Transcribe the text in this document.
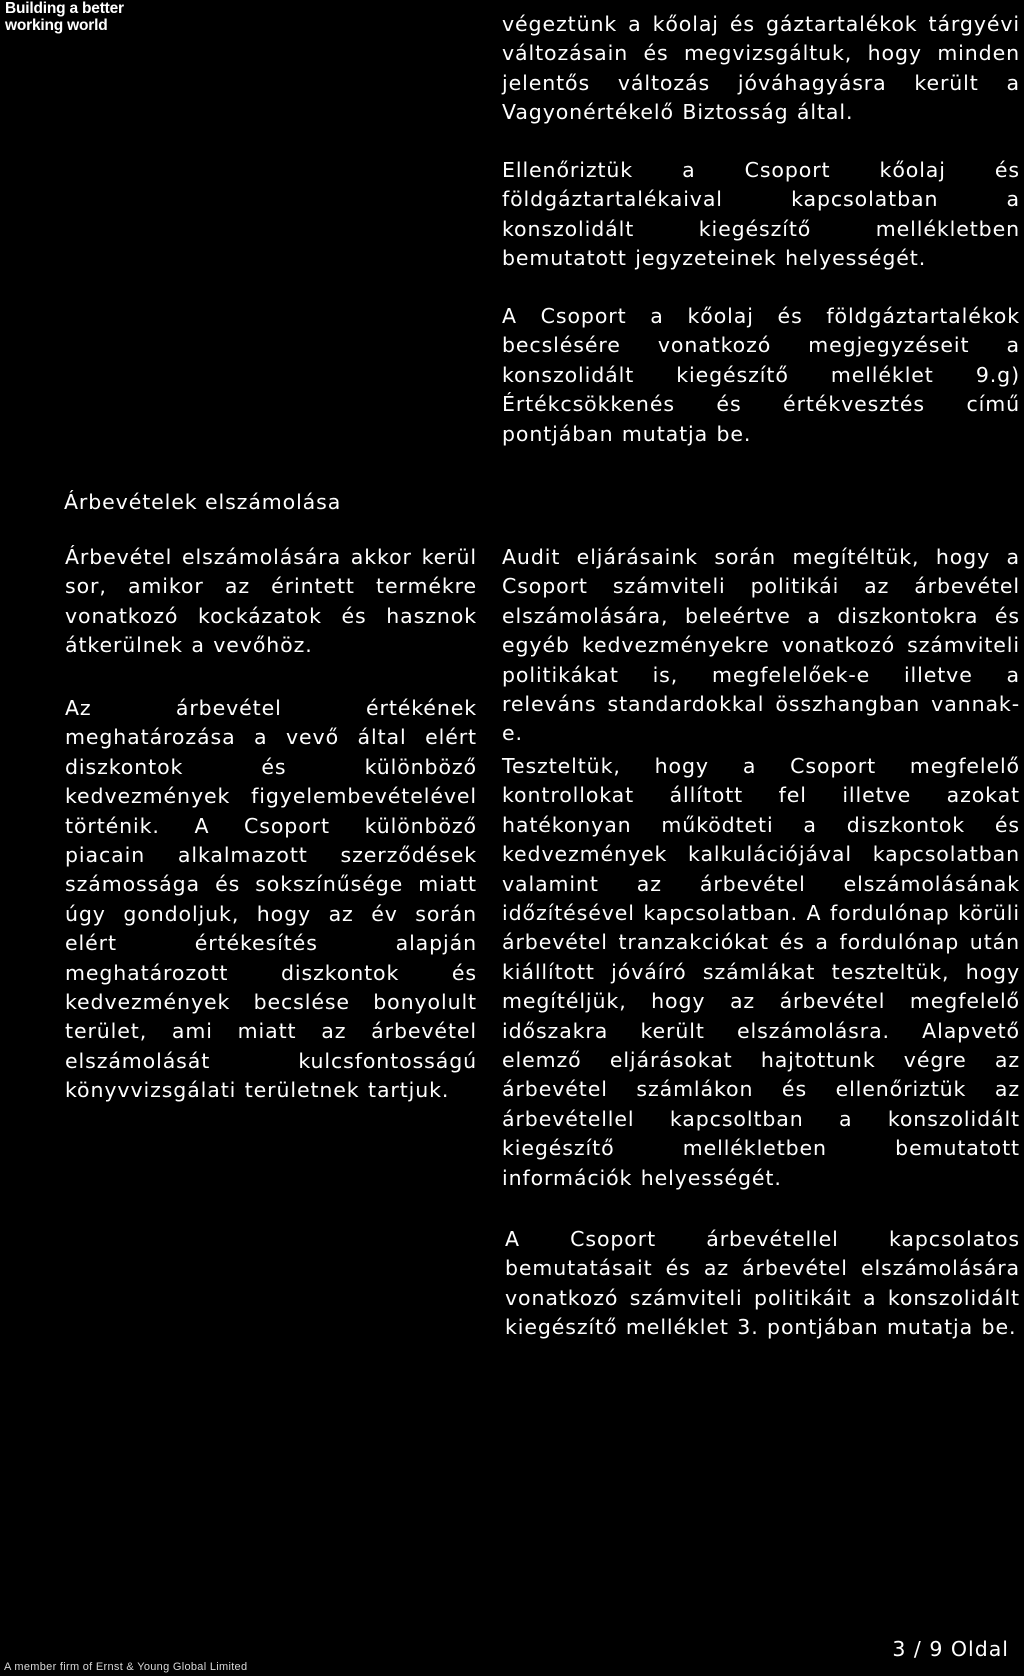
Building a better
working world	végeztünk a kőolaj és gáztartalékok tárgyévi változásain és megvizsgáltuk, hogy minden jelentős változás jóváhagyásra került a Vagyonértékelő Biztosság által.

Ellenőriztük a Csoport kőolaj és földgáztartalékaival kapcsolatban a konszolidált kiegészítő mellékletben bemutatott jegyzeteinek helyességét.

A Csoport a kőolaj és földgáztartalékok becslésére vonatkozó megjegyzéseit a konszolidált kiegészítő melléklet 9.g) Értékcsökkenés és értékvesztés című pontjában mutatja be.

Árbevételek elszámolása

Árbevétel elszámolására akkor kerül sor, amikor az érintett termékre vonatkozó kockázatok és hasznok átkerülnek a vevőhöz.

Az árbevétel értékének meghatározása a vevő által elért diszkontok és különböző kedvezmények figyelembevételével történik. A Csoport különböző piacain alkalmazott szerződések számossága és sokszínűsége miatt úgy gondoljuk, hogy az év során elért értékesítés alapján meghatározott diszkontok és kedvezmények becslése bonyolult terület, ami miatt az árbevétel elszámolását kulcsfontosságú könyvvizsgálati területnek tartjuk.

Audit eljárásaink során megítéltük, hogy a Csoport számviteli politikái az árbevétel elszámolására, beleértve a diszkontokra és egyéb kedvezményekre vonatkozó számviteli politikákat is, megfelelőek-e illetve a releváns standardokkal összhangban vannak-e.

Teszteltük, hogy a Csoport megfelelő kontrollokat állított fel illetve azokat hatékonyan működteti a diszkontok és kedvezmények kalkulációjával kapcsolatban valamint az árbevétel elszámolásának időzítésével kapcsolatban. A fordulónap körüli árbevétel tranzakciókat és a fordulónap után kiállított jóváíró számlákat teszteltük, hogy megítéljük, hogy az árbevétel megfelelő időszakra került elszámolásra. Alapvető elemző eljárásokat hajtottunk végre az árbevétel számlákon és ellenőriztük az árbevétellel kapcsoltban a konszolidált kiegészítő mellékletben bemutatott információk helyességét.

A Csoport árbevétellel kapcsolatos bemutatásait és az árbevétel elszámolására vonatkozó számviteli politikáit a konszolidált kiegészítő melléklet 3. pontjában mutatja be.

3 / 9 Oldal
A member firm of Ernst & Young Global Limited
